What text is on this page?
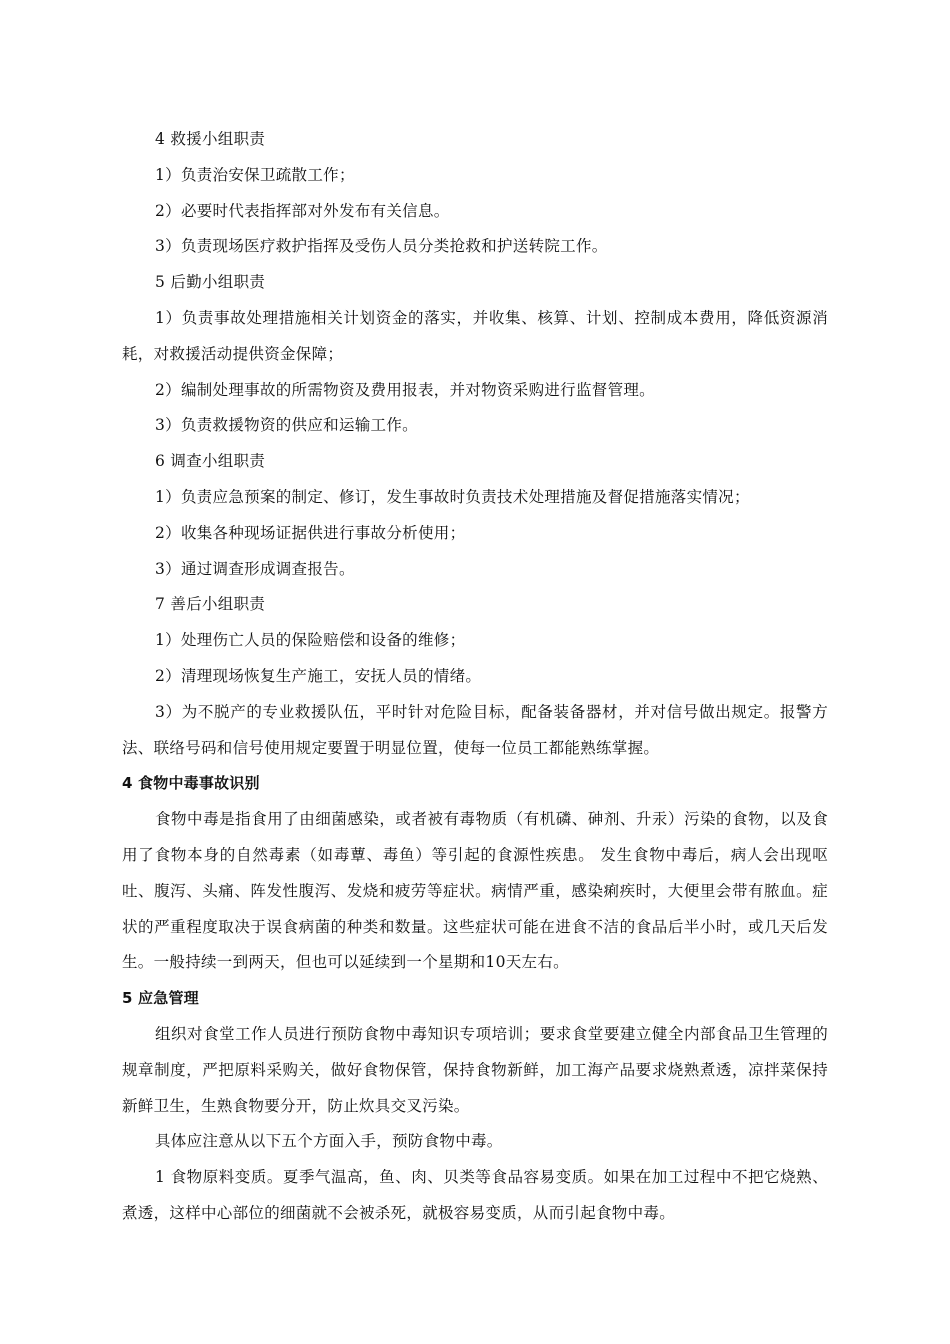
4 救援小组职责

1）负责治安保卫疏散工作；

2）必要时代表指挥部对外发布有关信息。

3）负责现场医疗救护指挥及受伤人员分类抢救和护送转院工作。

5 后勤小组职责

1）负责事故处理措施相关计划资金的落实，并收集、核算、计划、控制成本费用，降低资源消耗，对救援活动提供资金保障；

2）编制处理事故的所需物资及费用报表，并对物资采购进行监督管理。

3）负责救援物资的供应和运输工作。

6 调查小组职责

1）负责应急预案的制定、修订，发生事故时负责技术处理措施及督促措施落实情况；

2）收集各种现场证据供进行事故分析使用；

3）通过调查形成调查报告。

7 善后小组职责

1）处理伤亡人员的保险赔偿和设备的维修；

2）清理现场恢复生产施工，安抚人员的情绪。

3）为不脱产的专业救援队伍，平时针对危险目标，配备装备器材，并对信号做出规定。报警方法、联络号码和信号使用规定要置于明显位置，使每一位员工都能熟练掌握。

4 食物中毒事故识别

食物中毒是指食用了由细菌感染，或者被有毒物质（有机磷、砷剂、升汞）污染的食物，以及食用了食物本身的自然毒素（如毒蕈、毒鱼）等引起的食源性疾患。 发生食物中毒后，病人会出现呕吐、腹泻、头痛、阵发性腹泻、发烧和疲劳等症状。病情严重，感染痢疾时，大便里会带有脓血。症状的严重程度取决于误食病菌的种类和数量。这些症状可能在进食不洁的食品后半小时，或几天后发生。一般持续一到两天，但也可以延续到一个星期和10天左右。

5 应急管理

组织对食堂工作人员进行预防食物中毒知识专项培训；要求食堂要建立健全内部食品卫生管理的规章制度，严把原料采购关，做好食物保管，保持食物新鲜，加工海产品要求烧熟煮透，凉拌菜保持新鲜卫生，生熟食物要分开，防止炊具交叉污染。

具体应注意从以下五个方面入手，预防食物中毒。

1 食物原料变质。夏季气温高，鱼、肉、贝类等食品容易变质。如果在加工过程中不把它烧熟、煮透，这样中心部位的细菌就不会被杀死，就极容易变质，从而引起食物中毒。
